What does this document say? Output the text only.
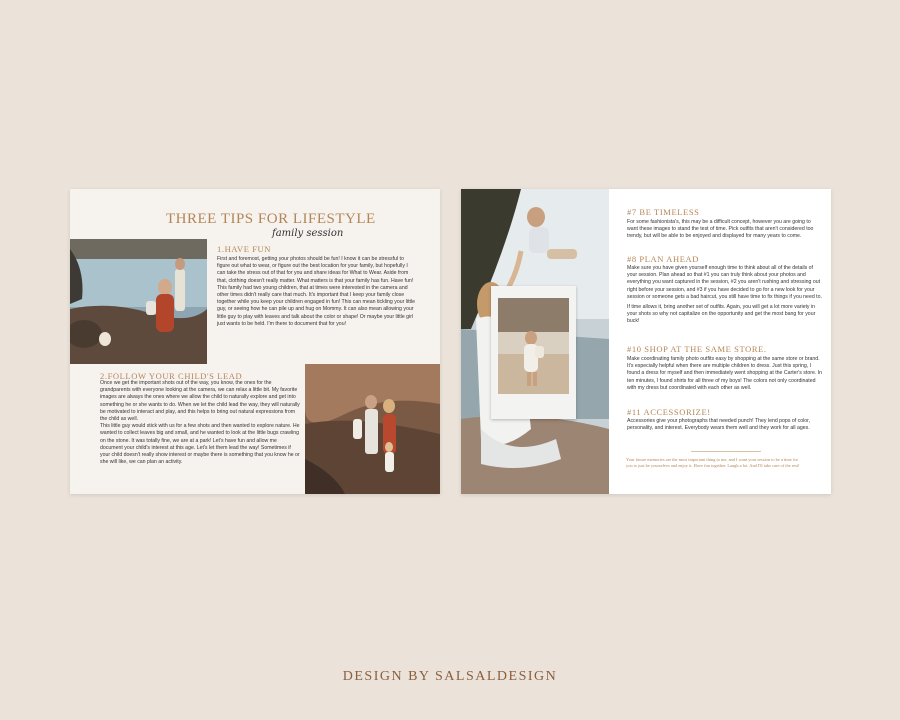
THREE TIPS FOR LIFESTYLE
family session
1.HAVE FUN

First and foremost, getting your photos should be fun! I know it can be stressful to figure out what to wear, or figure out the best location for your family, but hopefully I can take the stress out of that for you and share ideas for What to Wear. Aside from that, clothing doesn't really matter. What matters is that your family has fun. Have fun!

This family had two young children, that at times were interested in the camera and other times didn't really care that much. It's important that I keep your family close together while you keep your children engaged in fun! This can mean tickling your little guy, or seeing how he can pile up and hug on Mommy. It can also mean allowing your little guy to play with leaves and talk about the color or shape! Or maybe your little girl just wants to be held. I'm there to document that for you!

2.FOLLOW YOUR CHILD'S LEAD

Once we get the important shots out of the way, you know, the ones for the grandparents with everyone looking at the camera, we can relax a little bit. My favorite images are always the ones where we allow the child to naturally explore and get into something he or she wants to do. When we let the child lead the way, they will naturally be motivated to interact and play, and this helps to bring out natural expressions from the child as well.

This little guy would stick with us for a few shots and then wanted to explore nature. He wanted to collect leaves big and small, and he wanted to look at the little bugs crawling on the stone. It was totally fine, we are at a park! Let's have fun and allow me document your child's interest at this age. Let's let them lead the way! Sometimes if your child doesn't really show interest or maybe there is something that you know he or she will like, we can plan an activity.

#7 BE TIMELESS

For some fashionista's, this may be a difficult concept, however you are going to want these images to stand the test of time. Pick outfits that aren't considered too trendy, but will be able to be enjoyed and displayed for many years to come.

#8 PLAN AHEAD

Make sure you have given yourself enough time to think about all of the details of your session. Plan ahead so that #1 you can truly think about your photos and everything you want captured in the session, #2 you aren't rushing and stressing out right before your session, and #3 if you have decided to go for a new look for your session or someone gets a bad haircut, you still have time to fix things if you need to.

If time allows it, bring another set of outfits. Again, you will get a lot more variety in your shots so why not capitalize on the opportunity and get the most bang for your buck!

#10 SHOP AT THE SAME STORE.

Make coordinating family photo outfits easy by shopping at the same store or brand. It's especially helpful when there are multiple children to dress. Just this spring, I found a dress for myself and then immediately went shopping at the Carter's store. In ten minutes, I found shirts for all three of my boys! The colors not only coordinated with my dress but coordinated with each other as well.

#11 ACCESSORIZE!

Accessories give your photographs that needed punch! They lend pops of color, personality, and interest. Everybody wears them well and they work for all ages.

Your future memories are the most important thing to me, and I want your session to be a time for you to just be yourselves and enjoy it. Have fun together. Laugh a lot. And I'll take care of the rest!
DESIGN BY SALSALDESIGN
